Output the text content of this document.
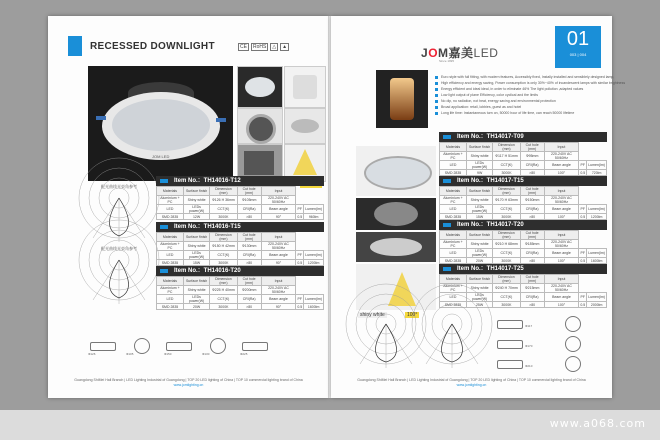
www.a068.com
RECESSED DOWNLIGHT	CE	RoHS	△	▲
JOM LED
配光曲线光束角参考
配光曲线光束角参考
Item No.：TH14016-T12
Materials	Surface finish	Dimension (mm)	Cut hole (mm)	Input		
Aluminium + PC	Shiny white	Φ126 H 36mm	Φ105mm	220-240V AC 50/60Hz		
LED	LEDs power(W)	CCT(K)	CRI(Ra)	Beam angle	PF	Lumen(lm)
SMD 2835	12W	3000K	>80	90°	0.5	960lm
Item No.：TH14016-T15
Materials	Surface finish	Dimension (mm)	Cut hole (mm)	Input		
Aluminium + PC	Shiny white	Φ150 H 42mm	Φ130mm	220-240V AC 50/60Hz		
LED	LEDs power(W)	CCT(K)	CRI(Ra)	Beam angle	PF	Lumen(lm)
SMD 2835	15W	3000K	>80	90°	0.5	1200lm
Item No.：TH14016-T20
Materials	Surface finish	Dimension (mm)	Cut hole (mm)	Input		
Aluminium + PC	Shiny white	Φ225 H 40mm	Φ200mm	220-240V AC 50/60Hz		
LED	LEDs power(W)	CCT(K)	CRI(Ra)	Beam angle	PF	Lumen(lm)
SMD 2835	20W	3000K	>80	90°	0.5	1600lm
Φ126	Φ105	Φ150	Φ130	Φ225
Guangdong ShiMei Hall Branch | LED Lighting Industrial of Guangdong | TOP 20 LED lighting of China | TOP 10 commercial lighting brand of China
www.jomlighting.cn
JOM嘉美LED
Since 1995
01
003 | 004
Euro style with full fitting, with modern features, Accessibly fixed, Instally installed and sensiblely designed lamp,
High efficiency and energy saving, Power consumption is only 30%~40% of incandescent lamps with similar brightness
Energy efficient and ideal ideal, in order to eliminate 46% The light pollution ,adapted values
Low light output of plane Efficiency, color cyclical and the limits
No dip, no radiation, not heat, energy saving and environmental protection
Broad application: retail, lobbies, guest as and hotel
Long life time: Instantaneous turn on, 50000 hour of life time, can reach 50000 lifetime
shiny white	100°
Item No.：TH14017-T09
Materials	Surface finish	Dimension (mm)	Cut hole (mm)	Input		
Aluminium + PC	Shiny white	Φ117 H 51mm	Φ95mm	220-240V AC 50/60Hz		
LED	LEDs power(W)	CCT(K)	CRI(Ra)	Beam angle	PF	Lumen(lm)
SMD 2835	9W	3000K	>80	100°	0.5	720lm
Item No.：TH14017-T15
Materials	Surface finish	Dimension (mm)	Cut hole (mm)	Input		
Aluminium + PC	Shiny white	Φ170 H 63mm	Φ150mm	220-240V AC 50/60Hz		
LED	LEDs power(W)	CCT(K)	CRI(Ra)	Beam angle	PF	Lumen(lm)
SMD 2835	15W	3000K	>80	100°	0.5	1200lm
Item No.：TH14017-T20
Materials	Surface finish	Dimension (mm)	Cut hole (mm)	Input		
Aluminium + PC	Shiny white	Φ210 H 68mm	Φ185mm	220-240V AC 50/60Hz		
LED	LEDs power(W)	CCT(K)	CRI(Ra)	Beam angle	PF	Lumen(lm)
SMD 2835	20W	3000K	>80	100°	0.5	1600lm
Item No.：TH14017-T25
Materials	Surface finish	Dimension (mm)	Cut hole (mm)	Input		
Aluminium + PC	Shiny white	Φ240 H 70mm	Φ215mm	220-240V AC 50/60Hz		
LED	LEDs power(W)	CCT(K)	CRI(Ra)	Beam angle	PF	Lumen(lm)
SMD 2835	25W	3000K	>80	100°	0.5	2000lm
Φ117
Φ170
Φ210
Guangdong ShiMei Hall Branch | LED Lighting Industrial of Guangdong | TOP 20 LED lighting of China | TOP 10 commercial lighting brand of China
www.jomlighting.cn
